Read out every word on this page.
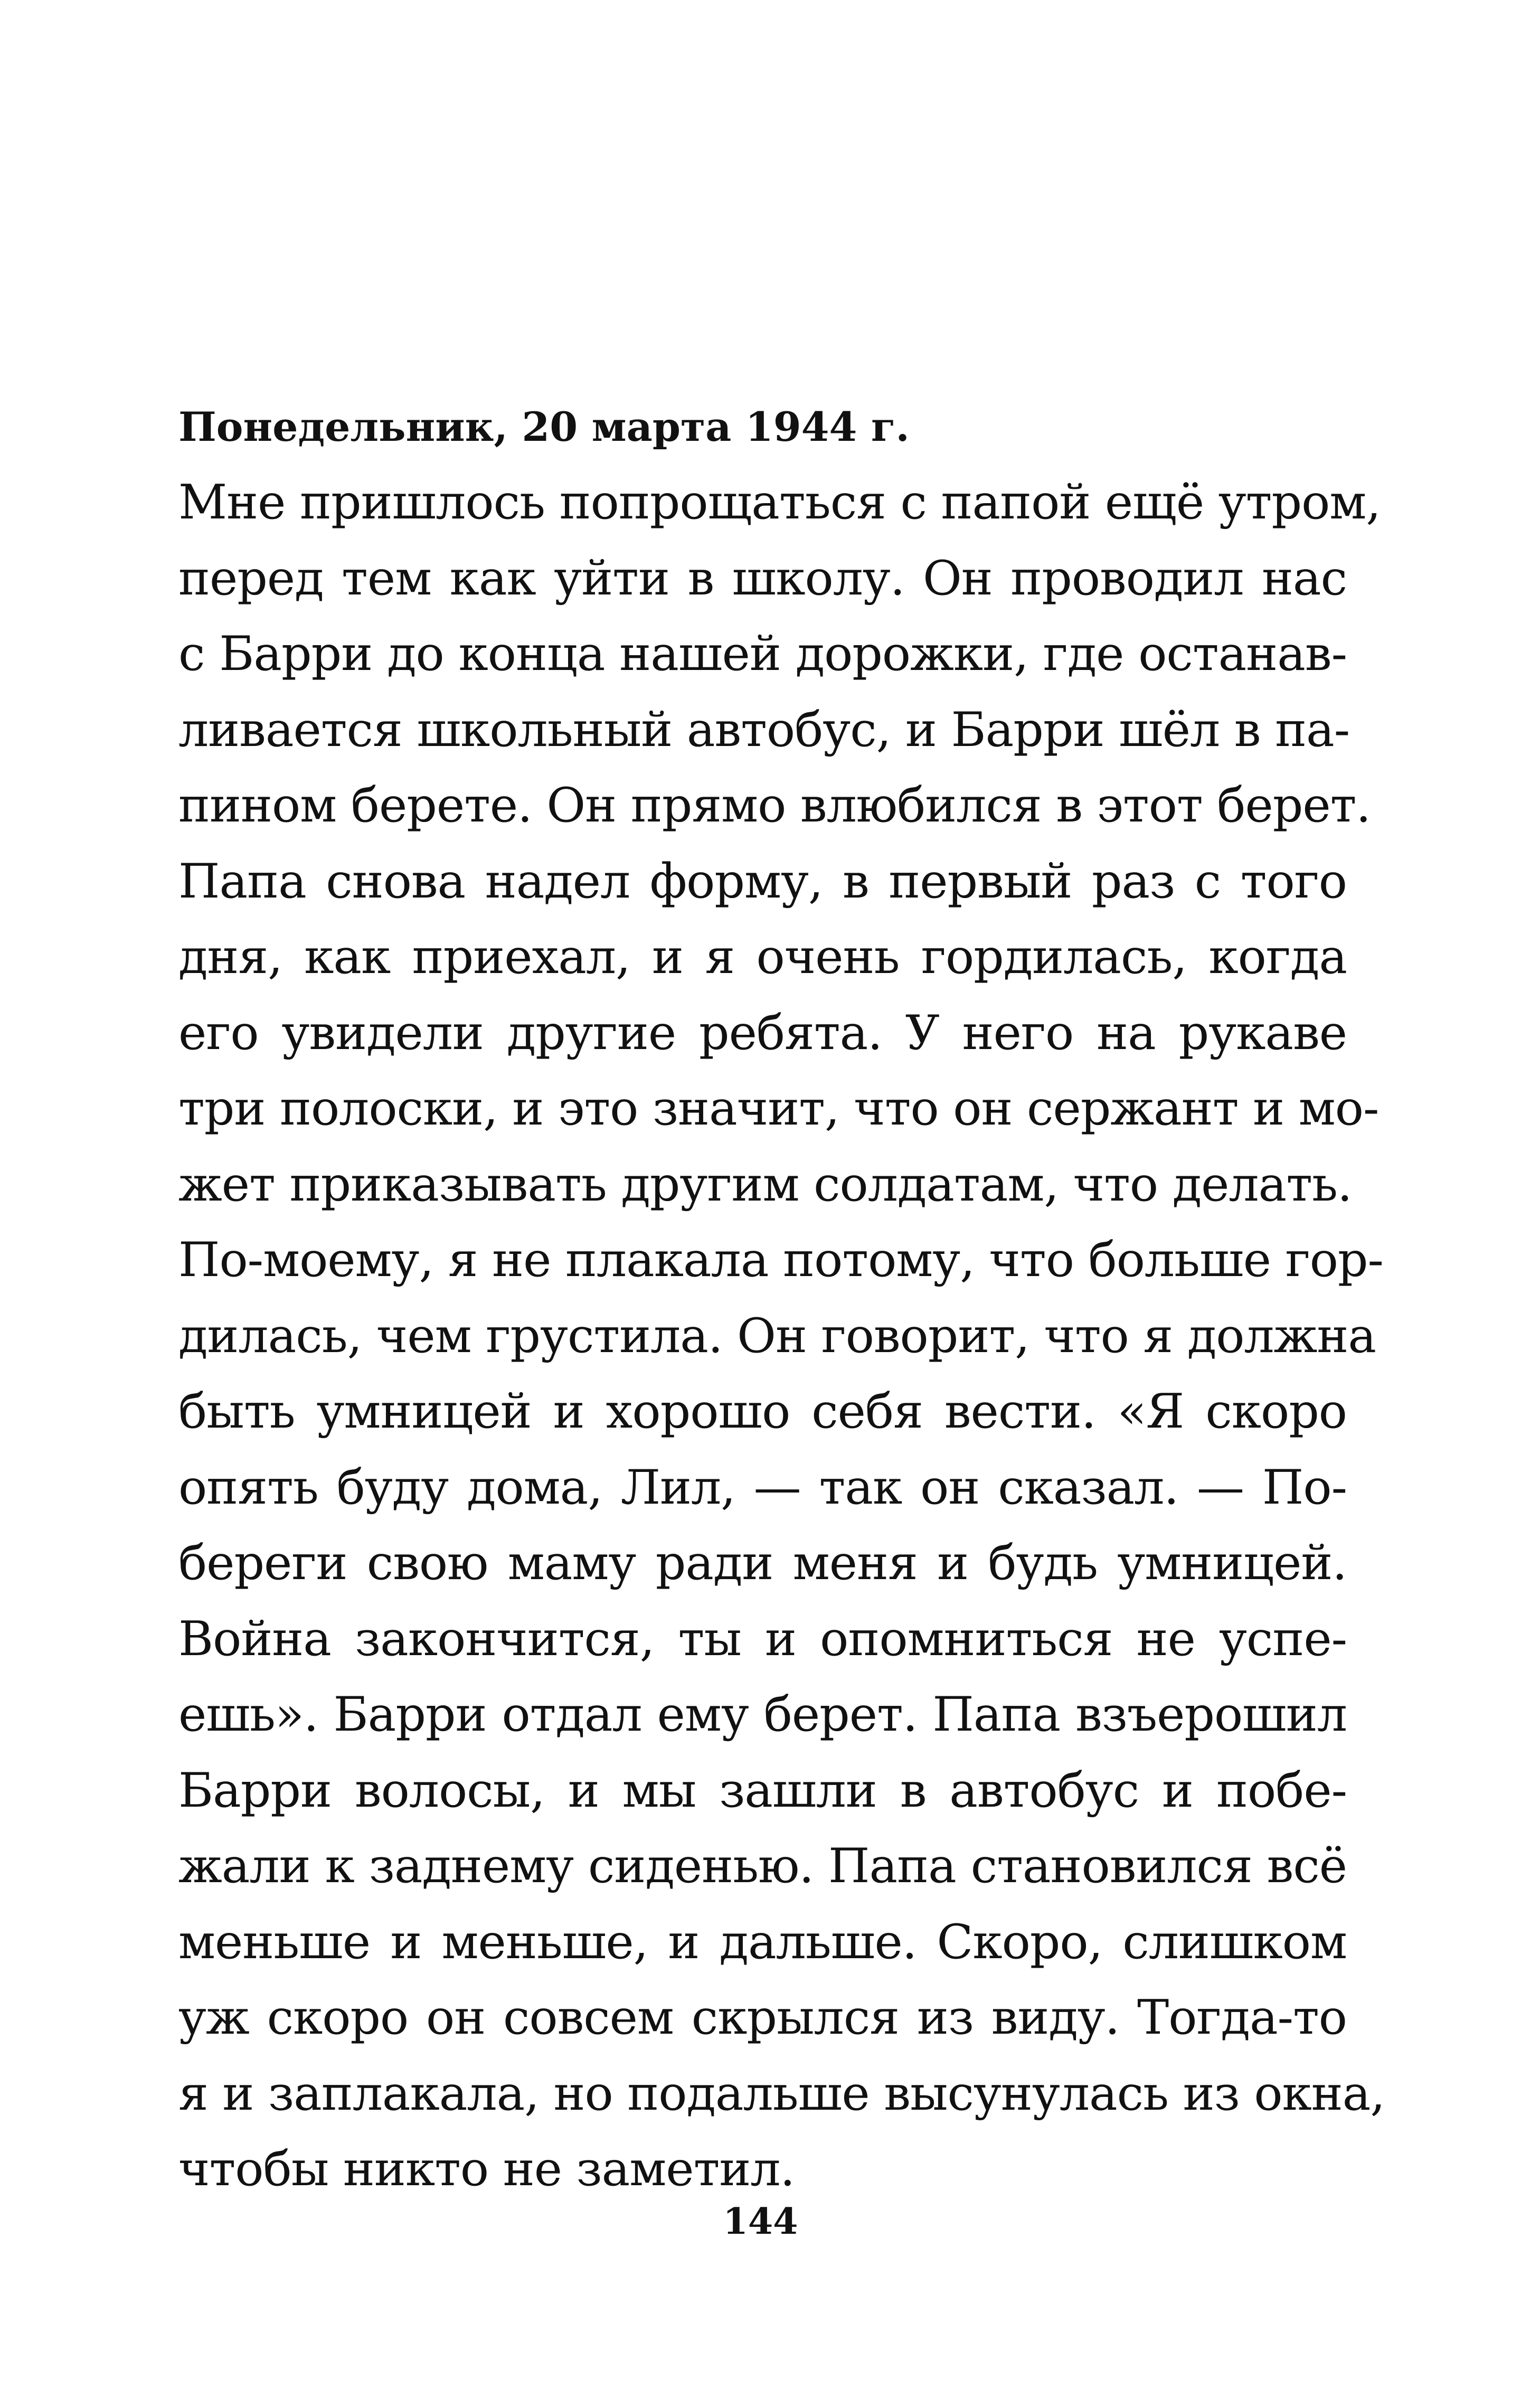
Понедельник, 20 марта 1944 г.
Мне пришлось попрощаться с папой ещё утром,
перед тем как уйти в школу. Он проводил нас
с Барри до конца нашей дорожки, где останав-
ливается школьный автобус, и Барри шёл в па-
пином берете. Он прямо влюбился в этот берет.
Папа снова надел форму, в первый раз с того
дня, как приехал, и я очень гордилась, когда
его увидели другие ребята. У него на рукаве
три полоски, и это значит, что он сержант и мо-
жет приказывать другим солдатам, что делать.
По-моему, я не плакала потому, что больше гор-
дилась, чем грустила. Он говорит, что я должна
быть умницей и хорошо себя вести. «Я скоро
опять буду дома, Лил, — так он сказал. — По-
береги свою маму ради меня и будь умницей.
Война закончится, ты и опомниться не успе-
ешь». Барри отдал ему берет. Папа взъерошил
Барри волосы, и мы зашли в автобус и побе-
жали к заднему сиденью. Папа становился всё
меньше и меньше, и дальше. Скоро, слишком
уж скоро он совсем скрылся из виду. Тогда-то
я и заплакала, но подальше высунулась из окна,
чтобы никто не заметил.
144
